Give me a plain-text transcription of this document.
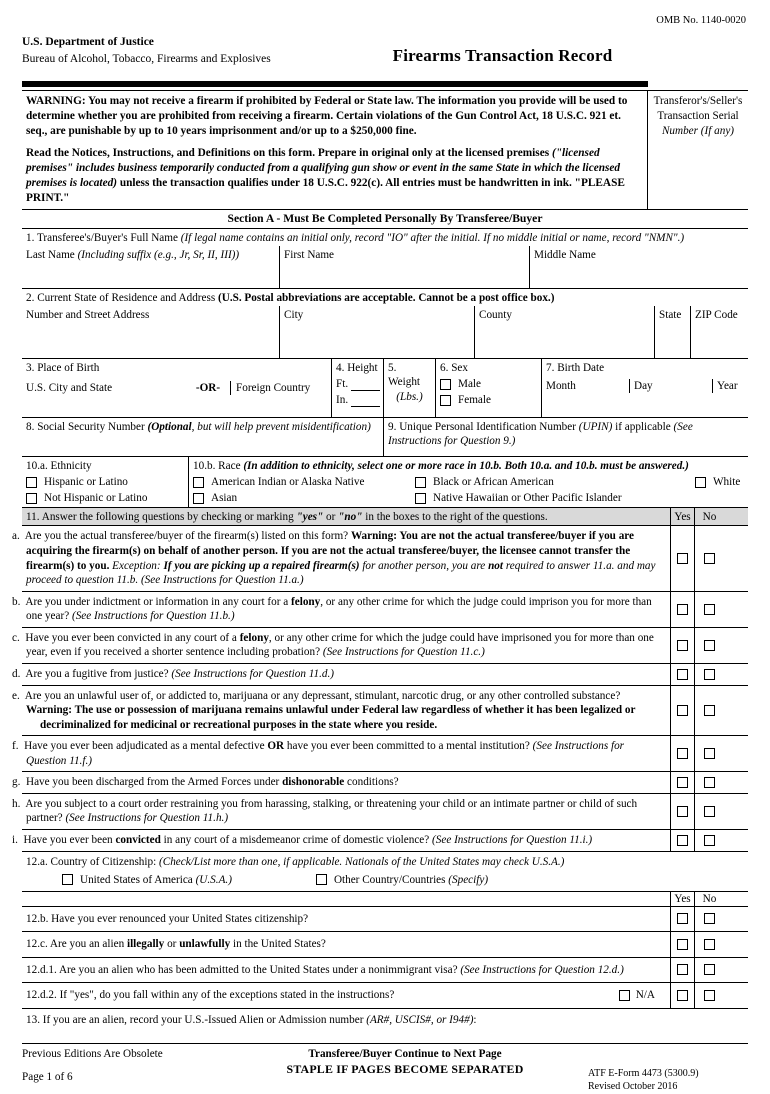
OMB No. 1140-0020
U.S. Department of Justice
Bureau of Alcohol, Tobacco, Firearms and Explosives	Firearms Transaction Record

WARNING: You may not receive a firearm if prohibited by Federal or State law. The information you provide will be used to determine whether you are prohibited from receiving a firearm. Certain violations of the Gun Control Act, 18 U.S.C. 921 et. seq., are punishable by up to 10 years imprisonment and/or up to a $250,000 fine.

Read the Notices, Instructions, and Definitions on this form. Prepare in original only at the licensed premises ("licensed premises" includes business temporarily conducted from a qualifying gun show or event in the same State in which the licensed premises is located) unless the transaction qualifies under 18 U.S.C. 922(c). All entries must be handwritten in ink. "PLEASE PRINT."

Transferor's/Seller's Transaction Serial Number (If any)
Section A - Must Be Completed Personally By Transferee/Buyer
1. Transferee's/Buyer's Full Name (If legal name contains an initial only, record "IO" after the initial. If no middle initial or name, record "NMN".)
Last Name (Including suffix (e.g., Jr, Sr, II, III))	First Name	Middle Name
2. Current State of Residence and Address (U.S. Postal abbreviations are acceptable. Cannot be a post office box.)
Number and Street Address	City	County	State	ZIP Code
3. Place of Birth
U.S. City and State	-OR-	Foreign Country
4. Height
Ft.
In.
5. Weight
(Lbs.)
6. Sex
Male
Female
7. Birth Date
Month	Day	Year
8. Social Security Number (Optional, but will help prevent misidentification)	9. Unique Personal Identification Number (UPIN) if applicable (See Instructions for Question 9.)
10.a. Ethnicity
Hispanic or Latino
Not Hispanic or Latino
10.b. Race (In addition to ethnicity, select one or more race in 10.b. Both 10.a. and 10.b. must be answered.)
American Indian or Alaska Native	Black or African American	White
Asian	Native Hawaiian or Other Pacific Islander
11. Answer the following questions by checking or marking "yes" or "no" in the boxes to the right of the questions.	Yes	No
a. Are you the actual transferee/buyer of the firearm(s) listed on this form? Warning: You are not the actual transferee/buyer if you are acquiring the firearm(s) on behalf of another person. If you are not the actual transferee/buyer, the licensee cannot transfer the firearm(s) to you. Exception: If you are picking up a repaired firearm(s) for another person, you are not required to answer 11.a. and may proceed to question 11.b. (See Instructions for Question 11.a.)
b. Are you under indictment or information in any court for a felony, or any other crime for which the judge could imprison you for more than one year? (See Instructions for Question 11.b.)
c. Have you ever been convicted in any court of a felony, or any other crime for which the judge could have imprisoned you for more than one year, even if you received a shorter sentence including probation? (See Instructions for Question 11.c.)
d. Are you a fugitive from justice? (See Instructions for Question 11.d.)
e. Are you an unlawful user of, or addicted to, marijuana or any depressant, stimulant, narcotic drug, or any other controlled substance?
Warning: The use or possession of marijuana remains unlawful under Federal law regardless of whether it has been legalized or decriminalized for medicinal or recreational purposes in the state where you reside.
f. Have you ever been adjudicated as a mental defective OR have you ever been committed to a mental institution? (See Instructions for Question 11.f.)
g. Have you been discharged from the Armed Forces under dishonorable conditions?
h. Are you subject to a court order restraining you from harassing, stalking, or threatening your child or an intimate partner or child of such partner? (See Instructions for Question 11.h.)
i. Have you ever been convicted in any court of a misdemeanor crime of domestic violence? (See Instructions for Question 11.i.)
12.a. Country of Citizenship: (Check/List more than one, if applicable. Nationals of the United States may check U.S.A.)
United States of America (U.S.A.)	Other Country/Countries (Specify)
Yes	No
12.b. Have you ever renounced your United States citizenship?
12.c. Are you an alien illegally or unlawfully in the United States?
12.d.1. Are you an alien who has been admitted to the United States under a nonimmigrant visa? (See Instructions for Question 12.d.)
12.d.2. If "yes", do you fall within any of the exceptions stated in the instructions?	N/A
13. If you are an alien, record your U.S.-Issued Alien or Admission number (AR#, USCIS#, or I94#):
Previous Editions Are Obsolete
Page 1 of 6
Transferee/Buyer Continue to Next Page
STAPLE IF PAGES BECOME SEPARATED	ATF E-Form 4473 (5300.9)
Revised October 2016
